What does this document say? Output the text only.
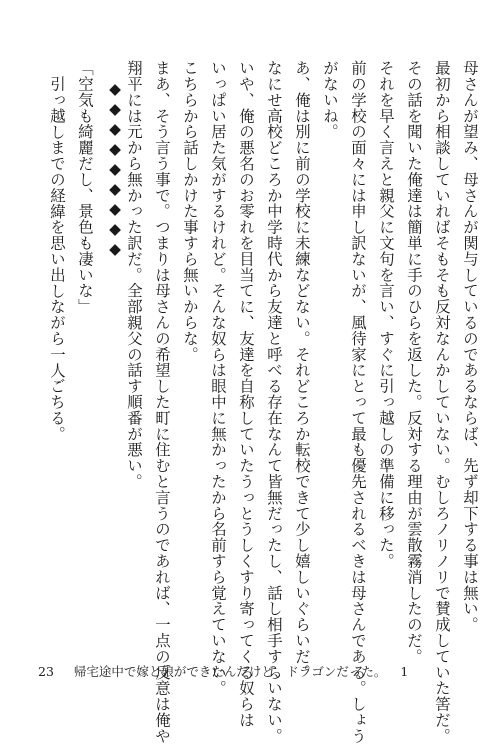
母さんが望み、母さんが関与しているのであるならば、先ず却下する事は無い。
最初から相談していればそもそも反対なんかしていない。むしろノリノリで賛成していた筈だ。
その話を聞いた俺達は簡単に手のひらを返した。反対する理由が雲散霧消したのだ。
それを早く言えと親父に文句を言い、すぐに引っ越しの準備に移った。
前の学校の面々には申し訳ないが、風待家にとって最も優先されるべきは母さんである。しょう
がないね。
あ、俺は別に前の学校に未練などない。それどころか転校できて少し嬉しいぐらいだ。
なにせ高校どころか中学時代から友達と呼べる存在なんて皆無だったし、話し相手すらいない。
いや、俺の悪名のお零れを目当てに、友達を自称していたうっとうしくすり寄ってくる奴らは
いっぱい居た気がするけれど。そんな奴らは眼中に無かったから名前すら覚えていない。
こちらから話しかけた事すら無いからな。
まあ、そう言う事で。つまりは母さんの希望した町に住むと言うのであれば、一点の反意は俺や
翔平には元から無かった訳だ。全部親父の話す順番が悪い。
◆◆◆◆◆◆◆◆◆
「空気も綺麗だし、景色も凄いな」
引っ越しまでの経緯を思い出しながら一人ごちる。
23 帰宅途中で嫁と娘ができたんだけど、ドラゴンだった。 1
